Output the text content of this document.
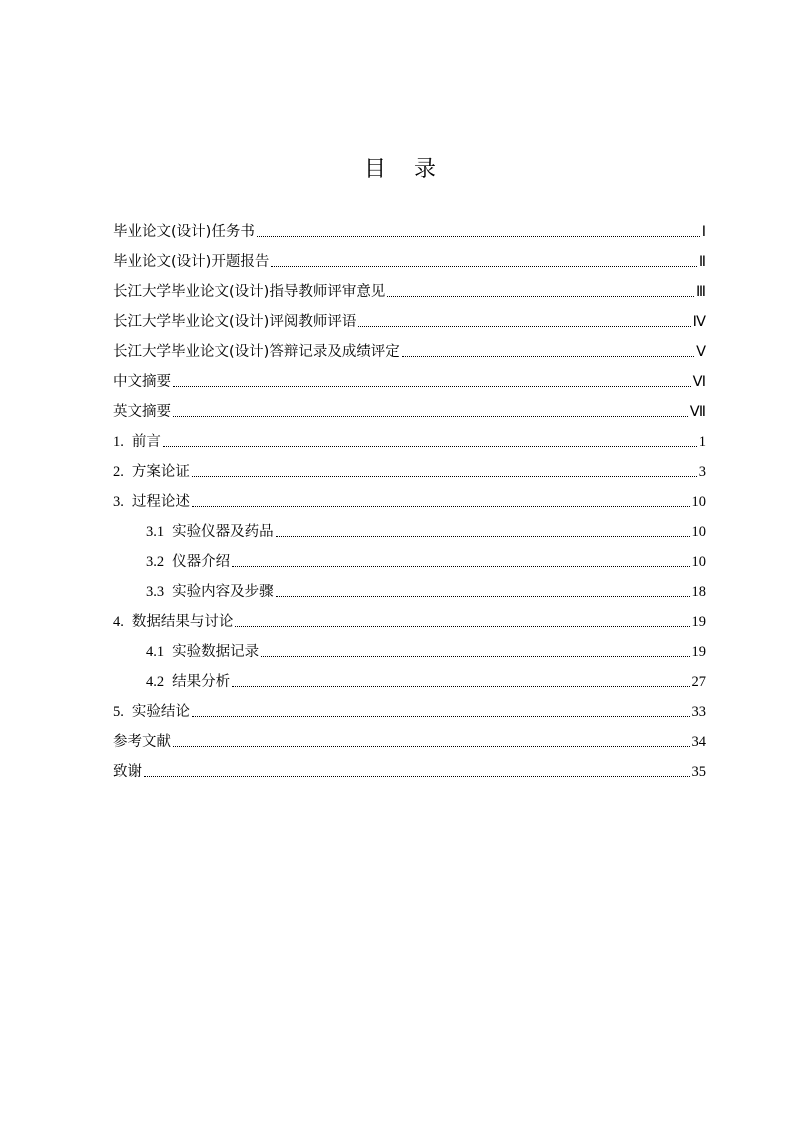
目 录
毕业论文(设计)任务书	Ⅰ
毕业论文(设计)开题报告	Ⅱ
长江大学毕业论文(设计)指导教师评审意见	Ⅲ
长江大学毕业论文(设计)评阅教师评语	Ⅳ
长江大学毕业论文(设计)答辩记录及成绩评定	Ⅴ
中文摘要	Ⅵ
英文摘要	Ⅶ
1. 前言	1
2. 方案论证	3
3. 过程论述	10
3.1 实验仪器及药品	10
3.2 仪器介绍	10
3.3 实验内容及步骤	18
4. 数据结果与讨论	19
4.1 实验数据记录	19
4.2 结果分析	27
5. 实验结论	33
参考文献	34
致谢	35
